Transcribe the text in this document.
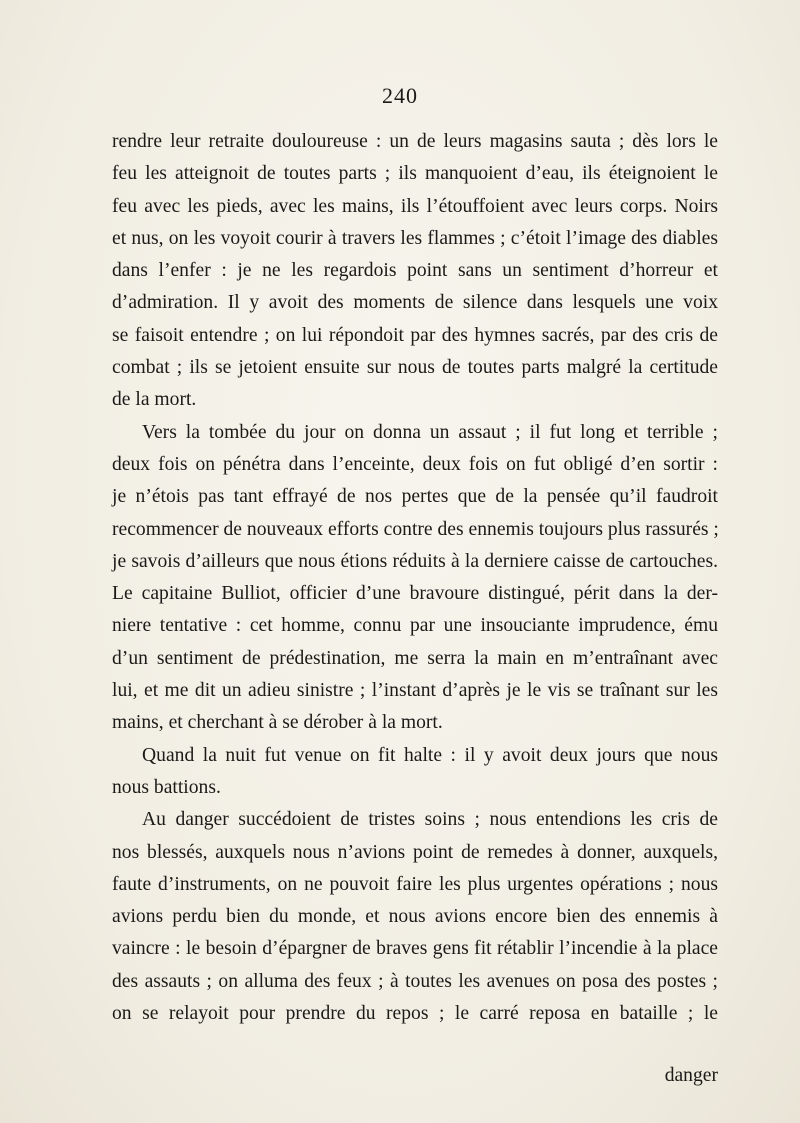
240
rendre leur retraite douloureuse : un de leurs magasins sauta ; dès lors le
feu les atteignoit de toutes parts ; ils manquoient d’eau, ils éteignoient le
feu avec les pieds, avec les mains, ils l’étouffoient avec leurs corps. Noirs
et nus, on les voyoit courir à travers les flammes ; c’étoit l’image des diables
dans l’enfer : je ne les regardois point sans un sentiment d’horreur et
d’admiration. Il y avoit des moments de silence dans lesquels une voix
se faisoit entendre ; on lui répondoit par des hymnes sacrés, par des cris de
combat ; ils se jetoient ensuite sur nous de toutes parts malgré la certitude
de la mort.
Vers la tombée du jour on donna un assaut ; il fut long et terrible ;
deux fois on pénétra dans l’enceinte, deux fois on fut obligé d’en sortir :
je n’étois pas tant effrayé de nos pertes que de la pensée qu’il faudroit
recommencer de nouveaux efforts contre des ennemis toujours plus rassurés ;
je savois d’ailleurs que nous étions réduits à la derniere caisse de cartouches.
Le capitaine Bulliot, officier d’une bravoure distingué, périt dans la der-
niere tentative : cet homme, connu par une insouciante imprudence, ému
d’un sentiment de prédestination, me serra la main en m’entraînant avec
lui, et me dit un adieu sinistre ; l’instant d’après je le vis se traînant sur les
mains, et cherchant à se dérober à la mort.
Quand la nuit fut venue on fit halte : il y avoit deux jours que nous
nous battions.
Au danger succédoient de tristes soins ; nous entendions les cris de
nos blessés, auxquels nous n’avions point de remedes à donner, auxquels,
faute d’instruments, on ne pouvoit faire les plus urgentes opérations ; nous
avions perdu bien du monde, et nous avions encore bien des ennemis à
vaincre : le besoin d’épargner de braves gens fit rétablir l’incendie à la place
des assauts ; on alluma des feux ; à toutes les avenues on posa des postes ;
on se relayoit pour prendre du repos ; le carré reposa en bataille ; le
danger
